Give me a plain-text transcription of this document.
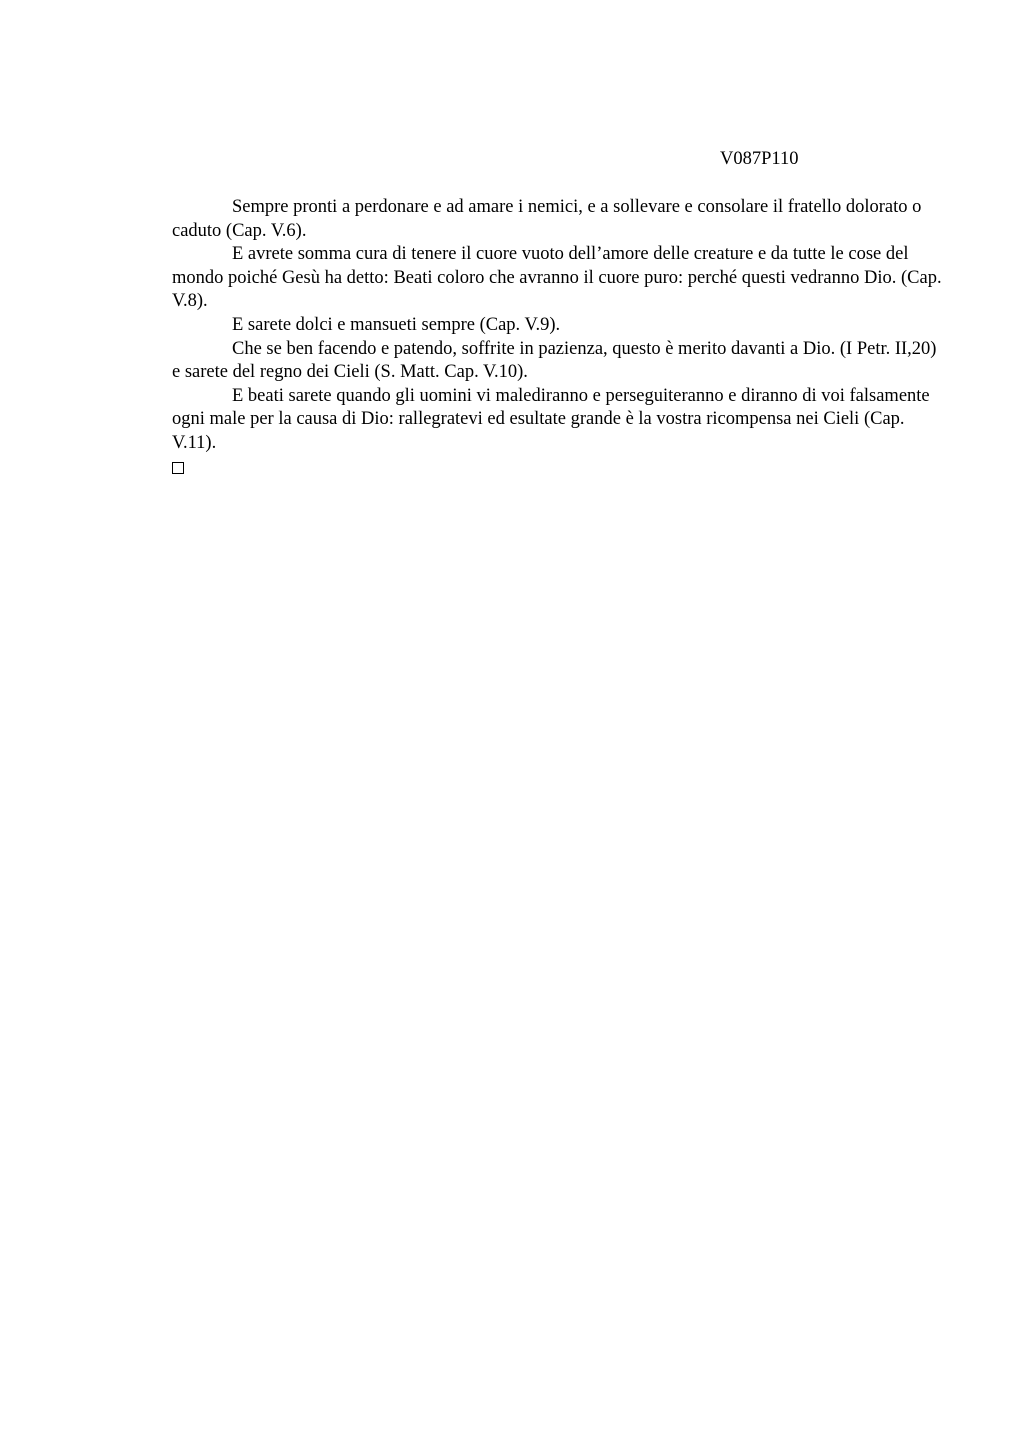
V087P110

Sempre pronti a perdonare e ad amare i nemici, e a sollevare e consolare il fratello dolorato o caduto (Cap. V.6).

E avrete somma cura di tenere il cuore vuoto dell’amore delle creature e da tutte le cose del mondo poiché Gesù ha detto: Beati coloro che avranno il cuore puro: perché questi vedranno Dio. (Cap. V.8).

E sarete dolci e mansueti sempre (Cap. V.9).

Che se ben facendo e patendo, soffrite in pazienza, questo è merito davanti a Dio. (I Petr. II,20) e sarete del regno dei Cieli (S. Matt. Cap. V.10).

E beati sarete quando gli uomini vi malediranno e perseguiteranno e diranno di voi falsamente ogni male per la causa di Dio: rallegratevi ed esultate grande è la vostra ricompensa nei Cieli (Cap. V.11).
